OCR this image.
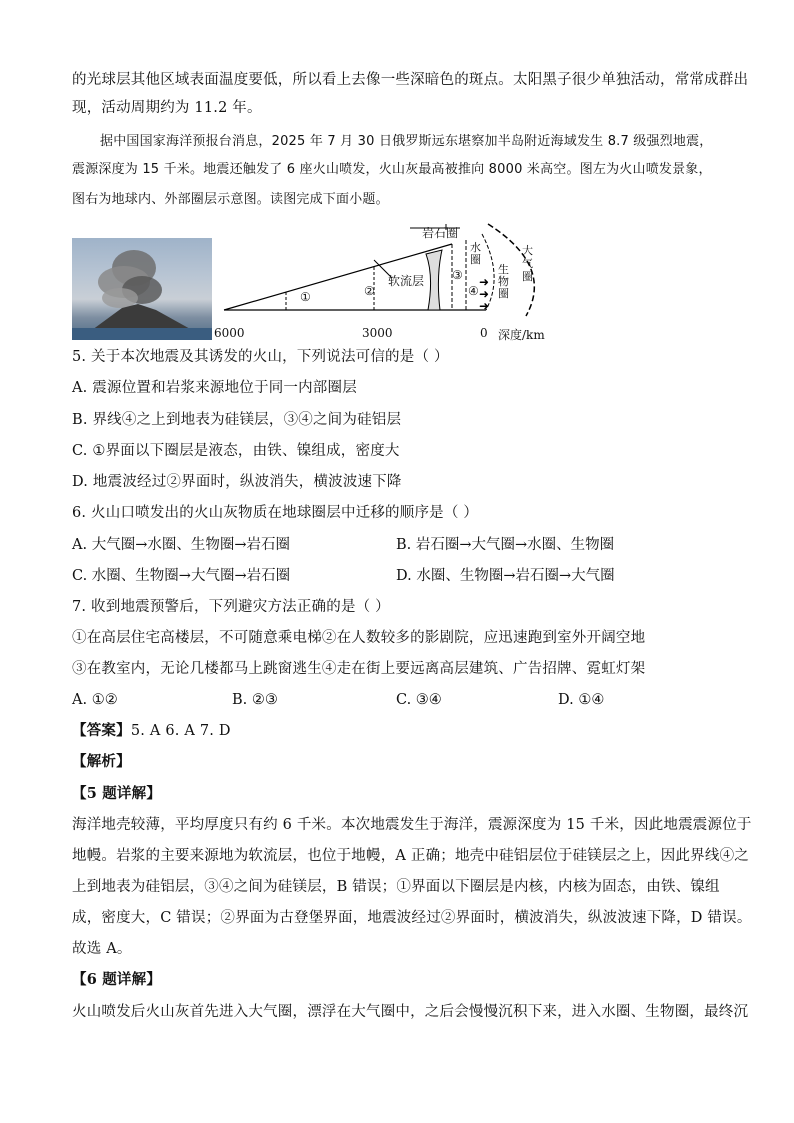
的光球层其他区域表面温度要低，所以看上去像一些深暗色的斑点。太阳黑子很少单独活动，常常成群出
现，活动周期约为 11.2 年。
据中国国家海洋预报台消息，2025 年 7 月 30 日俄罗斯远东堪察加半岛附近海域发生 8.7 级强烈地震，
震源深度为 15 千米。地震还触发了 6 座火山喷发，火山灰最高被推向 8000 米高空。图左为火山喷发景象，
图右为地球内、外部圈层示意图。读图完成下面小题。
➜
➜
➜
岩石圈
软流层
水圈
生物圈
大气圈
①	②
③
④
6000	3000	0 深度/km
5. 关于本次地震及其诱发的火山，下列说法可信的是（ ）
A. 震源位置和岩浆来源地位于同一内部圈层
B. 界线④之上到地表为硅镁层，③④之间为硅铝层
C. ①界面以下圈层是液态，由铁、镍组成，密度大
D. 地震波经过②界面时，纵波消失，横波波速下降
6. 火山口喷发出的火山灰物质在地球圈层中迁移的顺序是（ ）
A. 大气圈→水圈、生物圈→岩石圈	B. 岩石圈→大气圈→水圈、生物圈
C. 水圈、生物圈→大气圈→岩石圈	D. 水圈、生物圈→岩石圈→大气圈
7. 收到地震预警后，下列避灾方法正确的是（ ）
①在高层住宅高楼层，不可随意乘电梯②在人数较多的影剧院，应迅速跑到室外开阔空地
③在教室内，无论几楼都马上跳窗逃生④走在街上要远离高层建筑、广告招牌、霓虹灯架
A. ①②	B. ②③	C. ③④	D. ①④
【答案】5. A 6. A 7. D
【解析】
【5 题详解】
海洋地壳较薄，平均厚度只有约 6 千米。本次地震发生于海洋，震源深度为 15 千米，因此地震震源位于
地幔。岩浆的主要来源地为软流层，也位于地幔，A 正确；地壳中硅铝层位于硅镁层之上，因此界线④之
上到地表为硅铝层，③④之间为硅镁层，B 错误；①界面以下圈层是内核，内核为固态，由铁、镍组
成，密度大，C 错误；②界面为古登堡界面，地震波经过②界面时，横波消失，纵波波速下降，D 错误。
故选 A。
【6 题详解】
火山喷发后火山灰首先进入大气圈，漂浮在大气圈中，之后会慢慢沉积下来，进入水圈、生物圈，最终沉
